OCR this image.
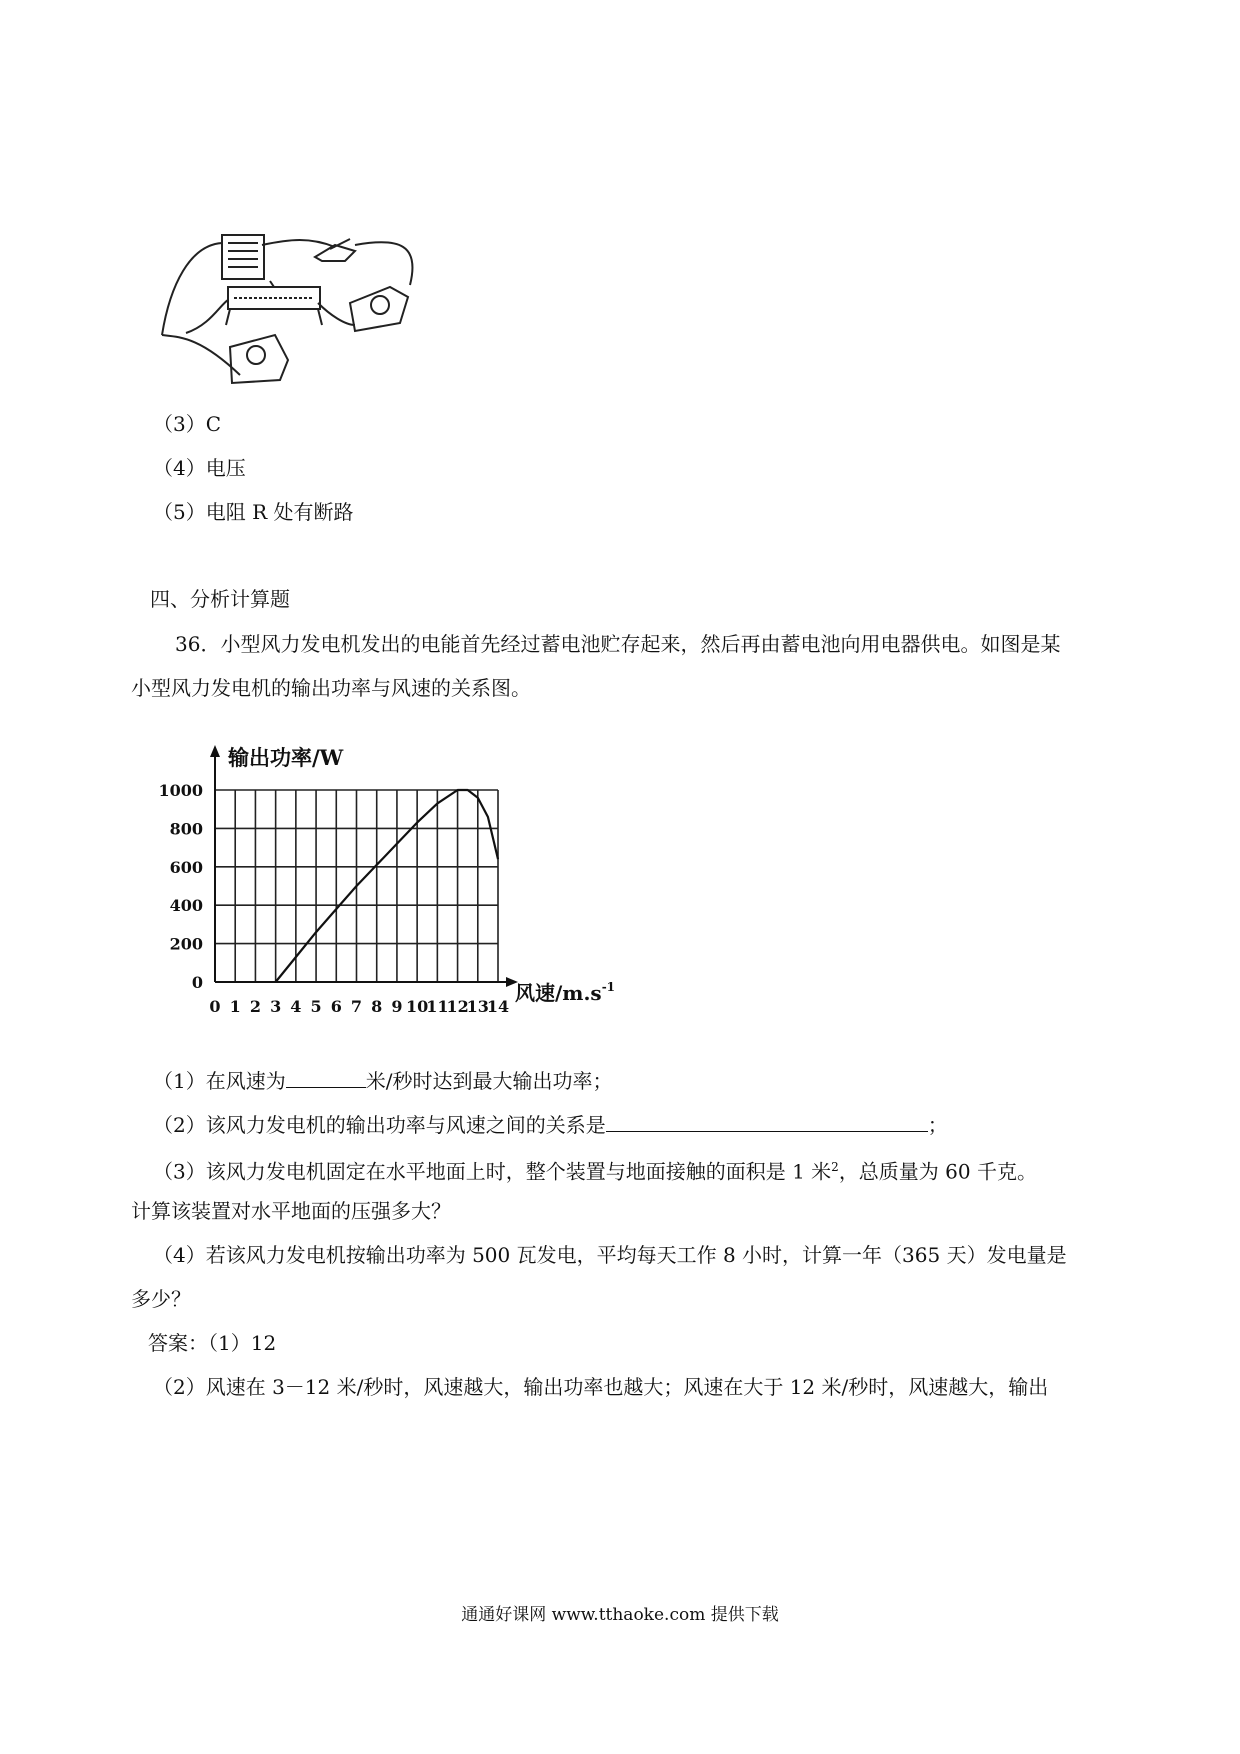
（3）C
（4）电压
（5）电阻 R 处有断路
四、分析计算题
36．小型风力发电机发出的电能首先经过蓄电池贮存起来，然后再由蓄电池向用电器供电。如图是某
小型风力发电机的输出功率与风速的关系图。
输出功率/W
0
200
400
600
800
1000
0 1 2 3 4 5 6 7 8 9 10
11
12
13
14
风速$/m.s^{-1}$
（1）在风速为	米/秒时达到最大输出功率；
（2）该风力发电机的输出功率与风速之间的关系是	；
（3）该风力发电机固定在水平地面上时，整个装置与地面接触的面积是 1 米$^2$，总质量为 60 千克。
计算该装置对水平地面的压强多大？
（4）若该风力发电机按输出功率为 500 瓦发电，平均每天工作 8 小时，计算一年（365 天）发电量是
多少？
答案：（1）12
（2）风速在 3－12 米/秒时，风速越大，输出功率也越大；风速在大于 12 米/秒时，风速越大，输出
通通好课网 www.tthaoke.com 提供下载
